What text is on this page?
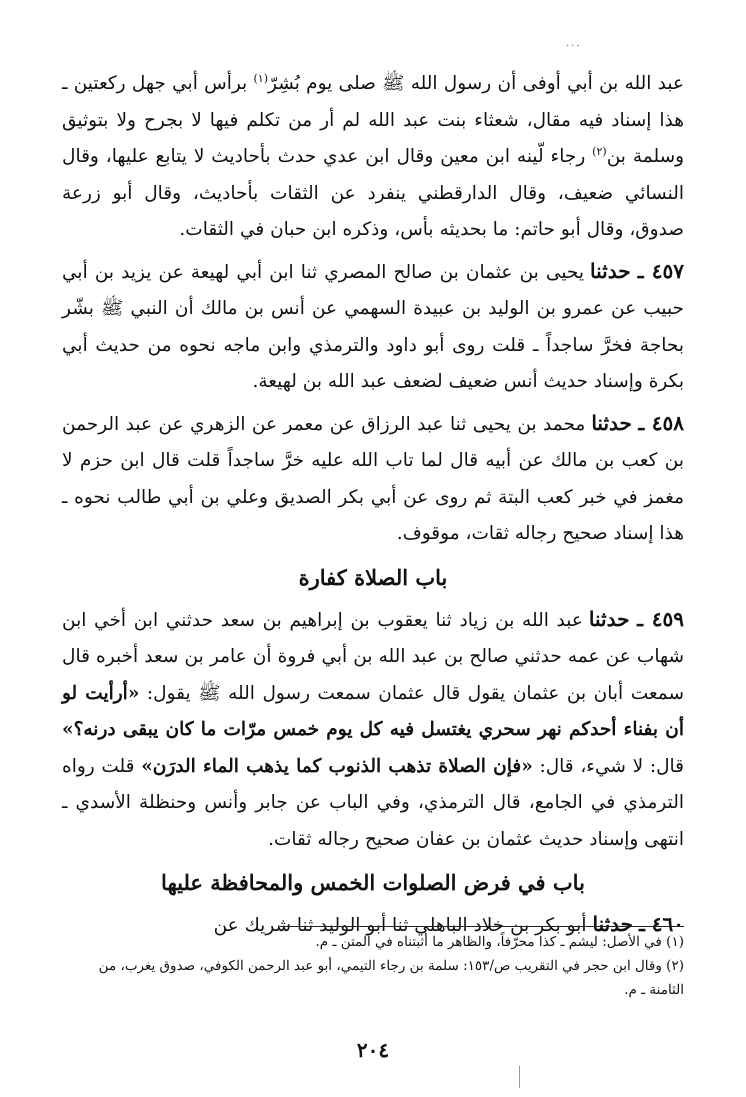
...

عبد الله بن أبي أوفى أن رسول الله ﷺ صلى يوم بُشِرّ$^{(١)}$ برأس أبي جهل ركعتين ـ هذا إسناد فيه مقال، شعثاء بنت عبد الله لم أر من تكلم فيها لا بجرح ولا بتوثيق وسلمة بن$^{(٢)}$ رجاء لّينه ابن معين وقال ابن عدي حدث بأحاديث لا يتابع عليها، وقال النسائي ضعيف، وقال الدارقطني ينفرد عن الثقات بأحاديث، وقال أبو زرعة صدوق، وقال أبو حاتم: ما بحديثه بأس، وذكره ابن حبان في الثقات.

٤٥٧ ـ حدثنايحيى بن عثمان بن صالح المصري ثنا ابن أبي لهيعة عن يزيد بن أبي حبيب عن عمرو بن الوليد بن عبيدة السهمي عن أنس بن مالك أن النبي ﷺ بشّر بحاجة فخرَّ ساجداً ـ قلت روى أبو داود والترمذي وابن ماجه نحوه من حديث أبي بكرة وإسناد حديث أنس ضعيف لضعف عبد الله بن لهيعة.

٤٥٨ ـ حدثنامحمد بن يحيى ثنا عبد الرزاق عن معمر عن الزهري عن عبد الرحمن بن كعب بن مالك عن أبيه قال لما تاب الله عليه خرَّ ساجداً قلت قال ابن حزم لا مغمز في خبر كعب البتة ثم روى عن أبي بكر الصديق وعلي بن أبي طالب نحوه ـ هذا إسناد صحيح رجاله ثقات، موقوف.

باب الصلاة كفارة

٤٥٩ ـ حدثناعبد الله بن زياد ثنا يعقوب بن إبراهيم بن سعد حدثني ابن أخي ابن شهاب عن عمه حدثني صالح بن عبد الله بن أبي فروة أن عامر بن سعد أخبره قال سمعت أبان بن عثمان يقول قال عثمان سمعت رسول الله ﷺ يقول: «أرأيت لو أن بفناء أحدكم نهر سحري يغتسل فيه كل يوم خمس مرّات ما كان يبقى درنه؟» قال: لا شيء، قال: «فإن الصلاة تذهب الذنوب كما يذهب الماء الدرَن» قلت رواه الترمذي في الجامع، قال الترمذي، وفي الباب عن جابر وأنس وحنظلة الأسدي ـ انتهى وإسناد حديث عثمان بن عفان صحيح رجاله ثقات.

باب في فرض الصلوات الخمس والمحافظة عليها

٤٦٠ ـ حدثناأبو بكر بن خلاد الباهلي ثنا أبو الوليد ثنا شريك عن

(١) في الأصل: ليشم ـ كذا محرّفاً، والظاهر ما أثبتناه في المتن ـ م.

(٢) وقال ابن حجر في التقريب ص/١٥٣: سلمة بن رجاء التيمي، أبو عبد الرحمن الكوفي، صدوق يغرب، من الثامنة ـ م.

٢٠٤
